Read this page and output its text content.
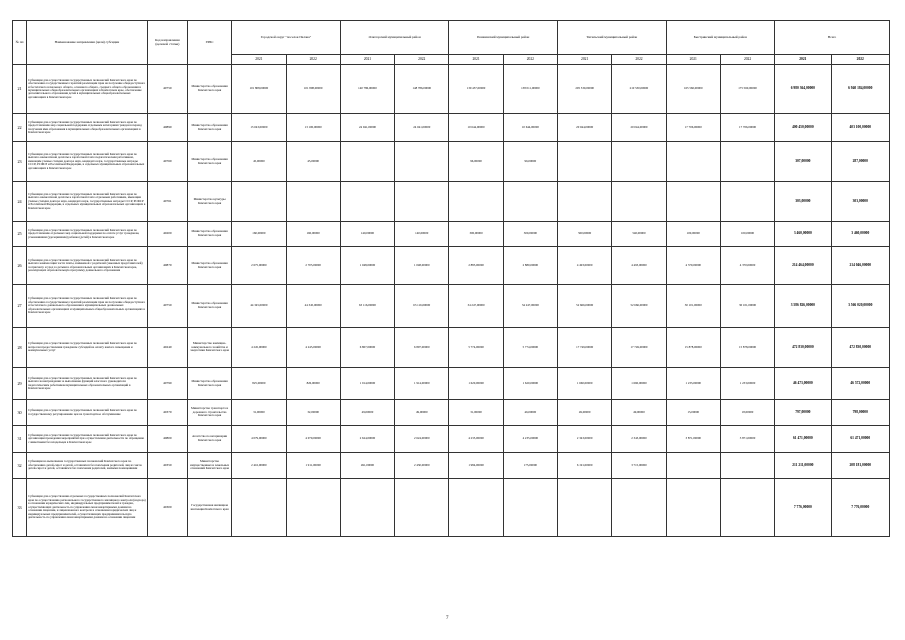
№ пп	Наименование направления (цели) субсидии	Код направления (целевой статьи)	ГРБС	Городской округ "поселок Палана"		Олюторский муниципальный район		Пенжинский муниципальный район		Тигильский муниципальный район		Быстринский муниципальный район		Всего	
				2021	2022	2021	2022	2021	2022	2021	2022	2021	2022	2021	2022
21	Субвенции для осуществления государственных полномочий Камчатского края по обеспечению государственных гарантий реализации прав на получение общедоступного и бесплатного начального общего, основного общего, среднего общего образования в муниципальных общеобразовательных организациях в Камчатском крае, обеспечение дополнительного образования детей в муниципальных общеобразовательных организациях в Камчатском крае	40750	Министерство образования Камчатского края	101 808,00000	101 808,00000	140 786,00000	148 786,00000	139 457,00000	138 011,00000	205 530,00000	210 530,00000	165 560,00000	175 560,00000	6 980 364,00000	6 940 184,00000
22	Субвенции для осуществления государственных полномочий Камчатского края по предоставлению мер социальной поддержки отдельным категориям граждан в период получения ими образования в муниципальных общеобразовательных организациях в Камчатском крае	40890	Министерство образования Камчатского края	13 043,00000	13 100,00000	24 041,00000	24 041,00000	10 644,00000	10 644,00000	20 044,00000	20 044,00000	17 706,00000	17 706,00000	400 450,00000	403 100,00000
23	Субвенции для осуществления государственных полномочий Камчатского края по выплате ежемесячной доплаты к заработной плате педагогическим работникам, имеющим ученые степени доктора наук, кандидата наук, государственные награды СССР, РСФСР и Российской Федерации, в отдельных муниципальных образовательных организациях в Камчатском крае	40760	Министерство образования Камчатского края	45,00000	45,00000			96,00000	96,00000					307,00000	287,00000
24	Субвенции для осуществления государственных полномочий Камчатского края по выплате ежемесячной доплаты к заработной плате отдельным работникам, имеющим ученые степени доктора наук, кандидата наук, государственные награды СССР, РСФСР и Российской Федерации, в отдельных муниципальных образовательных организациях в Камчатском крае	40761	Министерство культуры Камчатского края											303,00000	303,00000
25	Субвенции для осуществления государственных полномочий Камчатского края по предоставлению отдельных мер социальной поддержки по оплате услуг гражданам, усыновившим (удочерившим) ребенка (детей) в Камчатском крае	40200	Министерство образования Камчатского края	160,00000	160,00000	140,00000	140,00000	300,00000	300,00000	500,00000	540,00000	100,00000	100,00000	3 460,00000	3 460,00000
26	Субвенции для осуществления государственных полномочий Камчатского края по выплате компенсации части платы, взимаемой с родителей (законных представителей) за присмотр и уход за детьми в образовательных организациях в Камчатском крае, реализующих образовательную программу дошкольного образования	40870	Министерство образования Камчатского края	2 675,00000	2 705,00000	1 048,00000	1 048,00000	2 883,00000	2 880,00000	4 493,00000	4 493,00000	4 370,00000	4 370,00000	214 464,00000	214 046,00000
27	Субвенции для осуществления государственных полномочий Камчатского края по обеспечению государственных гарантий реализации прав на получение общедоступного и бесплатного дошкольного образования в муниципальных дошкольных образовательных организациях и муниципальных общеобразовательных организациях в Камчатском крае	40750	Министерство образования Камчатского края	44 345,00000	44 345,00000	63 116,00000	63 116,00000	34 247,00000	34 247,00000	52 666,00000	52 666,00000	30 101,00000	30 101,00000	3 586 826,00000	3 566 020,00000
28	Субвенции для осуществления государственных полномочий Камчатского края по вопросам предоставления гражданам субсидий на оплату жилого помещения и коммунальных услуг	40240	Министерство жилищно-коммунального хозяйства и энергетики Камчатского края	4 245,00000	4 245,00000	6 807,00000	6 807,00000	5 774,00000	5 774,00000	17 749,00000	17 749,00000	15 878,00000	15 878,00000	472 830,00000	472 830,00000
29	Субвенции для осуществления государственных полномочий Камчатского края по выплате вознаграждения за выполнение функций классного руководителя педагогическим работникам муниципальных образовательных организаций в Камчатском крае	40790	Министерство образования Камчатского края	825,00000	826,00000	1 914,00000	1 914,00000	1 620,00000	1 620,00000	1 660,00000	1 660,00000	1 233,00000	1 233,00000	46 473,00000	46 572,00000
30	Субвенции для осуществления государственных полномочий Камчатского края по государственному регулированию цен на транспортное обслуживание	40370	Министерство транспорта и дорожного строительства Камчатского края	31,00000	32,00000	49,00000	49,00000	31,00000	46,00000	49,00000	49,00000	15,00000	18,00000	797,00000	798,00000
31	Субвенции для осуществления государственных полномочий Камчатского края по организации проведения мероприятий при осуществлении деятельности по обращению с животными без владельцев в Камчатском крае	40800	Агентство по ветеринарии Камчатского края	4 079,00000	4 079,00000	2 624,00000	2 624,00000	4 235,00000	4 235,00000	2 343,00000	2 343,00000	3 871,00000	3 871,00000	61 471,00000	61 471,00000
32	Субвенции на выполнение государственных полномочий Камчатского края по обеспечению детей-сирот и детей, оставшихся без попечения родителей, лиц из числа детей-сирот и детей, оставшихся без попечения родителей, жилыми помещениями	40350	Министерство имущественных и земельных отношений Камчатского края	2 416,00000	1 911,00000	491,00000	2 430,00000	1 984,00000	175,00000	6 191,00000	3 715,00000			211 211,00000	208 181,00000
33	Субвенции для осуществления отдельных государственных полномочий Камчатского края по осуществлению регионального государственного жилищного контроля (надзора) в отношении юридических лиц, индивидуальных предпринимателей и граждан, осуществляющих деятельность по управлению многоквартирными домами на основании лицензии, и лицензионного контроля в отношении юридических лиц и индивидуальных предпринимателей, осуществляющих предпринимательскую деятельность по управлению многоквартирными домами на основании лицензии	40300	Государственная жилищная инспекция Камчатского края											7 776,00000	7 776,00000
7
